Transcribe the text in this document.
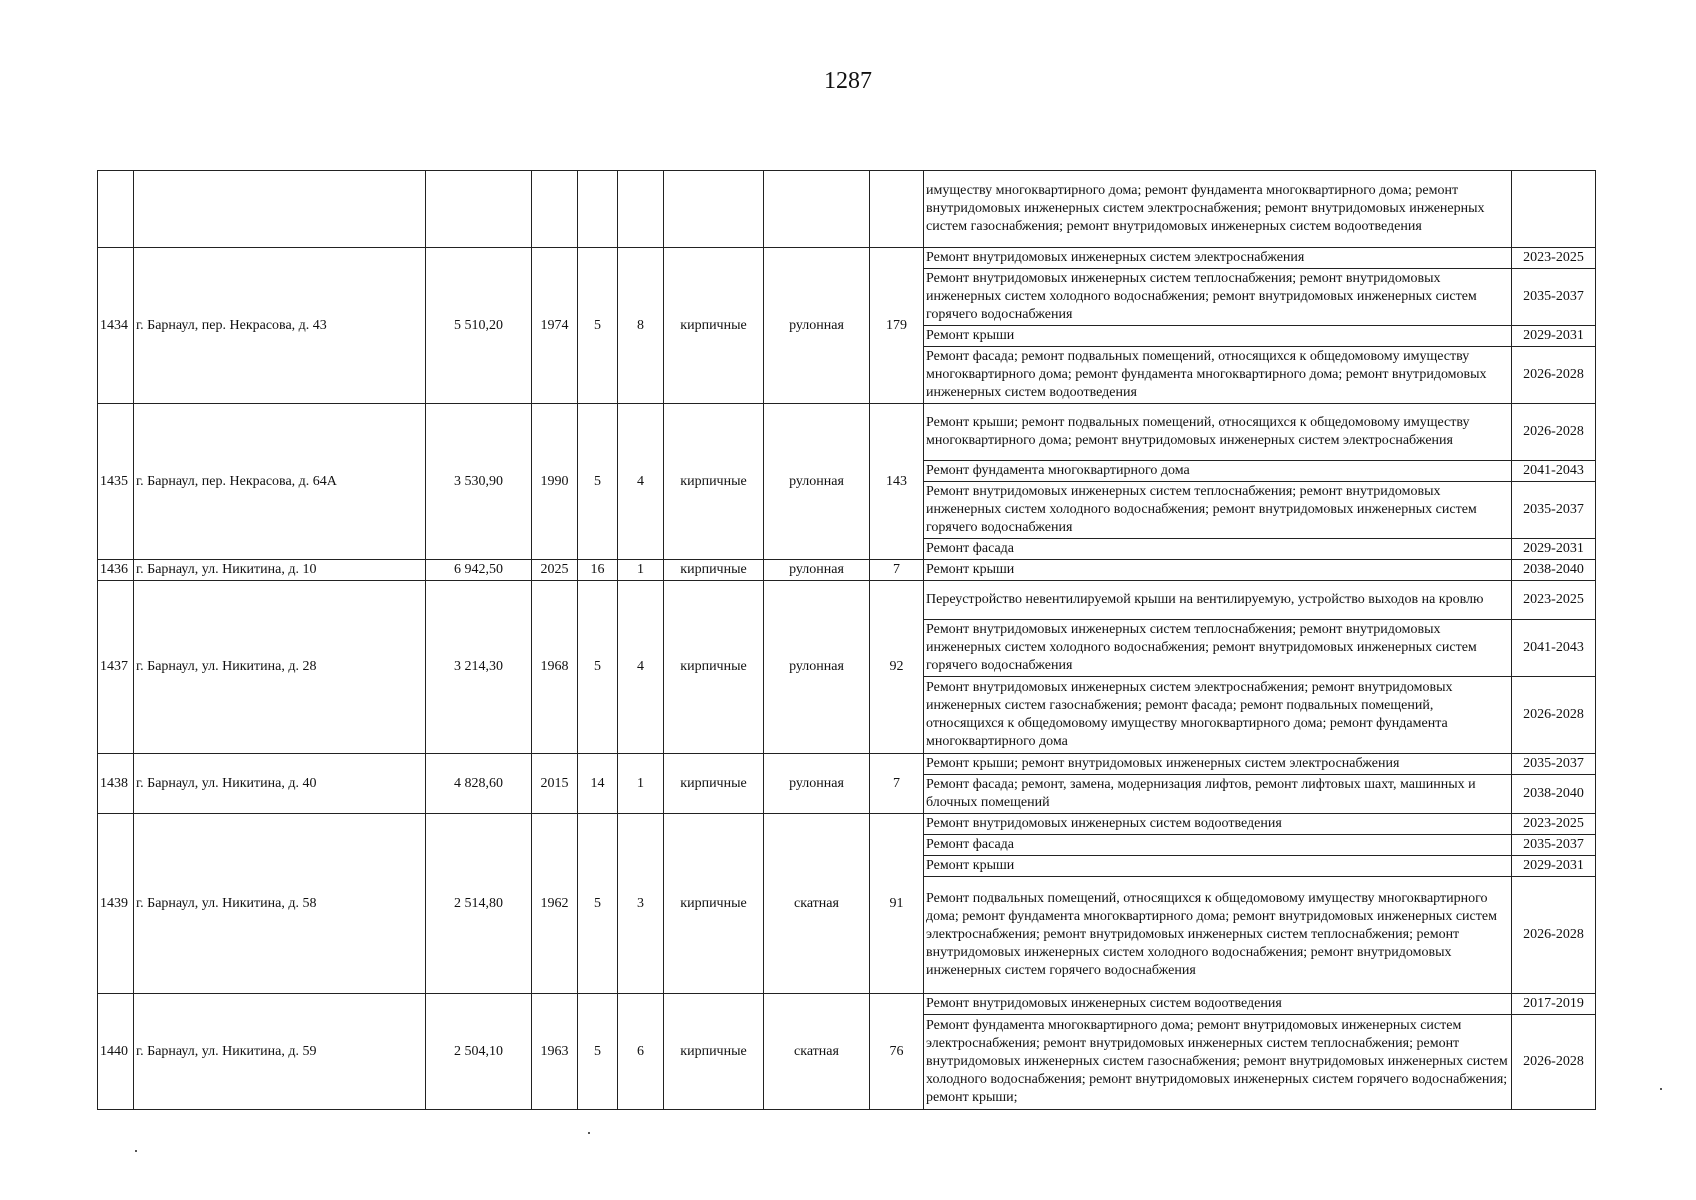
1287
									имуществу многоквартирного дома; ремонт фундамента многоквартирного дома; ремонт внутридомовых инженерных систем электроснабжения; ремонт внутридомовых инженерных систем газоснабжения; ремонт внутридомовых инженерных систем водоотведения	
1434	г. Барнаул, пер. Некрасова, д. 43	5 510,20	1974	5	8	кирпичные	рулонная	179	Ремонт внутридомовых инженерных систем электроснабжения	2023-2025
									Ремонт внутридомовых инженерных систем теплоснабжения; ремонт внутридомовых инженерных систем холодного водоснабжения; ремонт внутридомовых инженерных систем горячего водоснабжения	2035-2037
									Ремонт крыши	2029-2031
									Ремонт фасада; ремонт подвальных помещений, относящихся к общедомовому имуществу многоквартирного дома; ремонт фундамента многоквартирного дома; ремонт внутридомовых инженерных систем водоотведения	2026-2028
1435	г. Барнаул, пер. Некрасова, д. 64А	3 530,90	1990	5	4	кирпичные	рулонная	143	Ремонт крыши; ремонт подвальных помещений, относящихся к общедомовому имуществу многоквартирного дома; ремонт внутридомовых инженерных систем электроснабжения	2026-2028
									Ремонт фундамента многоквартирного дома	2041-2043
									Ремонт внутридомовых инженерных систем теплоснабжения; ремонт внутридомовых инженерных систем холодного водоснабжения; ремонт внутридомовых инженерных систем горячего водоснабжения	2035-2037
									Ремонт фасада	2029-2031
1436	г. Барнаул, ул. Никитина, д. 10	6 942,50	2025	16	1	кирпичные	рулонная	7	Ремонт крыши	2038-2040
1437	г. Барнаул, ул. Никитина, д. 28	3 214,30	1968	5	4	кирпичные	рулонная	92	Переустройство невентилируемой крыши на вентилируемую, устройство выходов на кровлю	2023-2025
									Ремонт внутридомовых инженерных систем теплоснабжения; ремонт внутридомовых инженерных систем холодного водоснабжения; ремонт внутридомовых инженерных систем горячего водоснабжения	2041-2043
									Ремонт внутридомовых инженерных систем электроснабжения; ремонт внутридомовых инженерных систем газоснабжения; ремонт фасада; ремонт подвальных помещений, относящихся к общедомовому имуществу многоквартирного дома; ремонт фундамента многоквартирного дома	2026-2028
1438	г. Барнаул, ул. Никитина, д. 40	4 828,60	2015	14	1	кирпичные	рулонная	7	Ремонт крыши; ремонт внутридомовых инженерных систем электроснабжения	2035-2037
									Ремонт фасада; ремонт, замена, модернизация лифтов, ремонт лифтовых шахт, машинных и блочных помещений	2038-2040
1439	г. Барнаул, ул. Никитина, д. 58	2 514,80	1962	5	3	кирпичные	скатная	91	Ремонт внутридомовых инженерных систем водоотведения	2023-2025
									Ремонт фасада	2035-2037
									Ремонт крыши	2029-2031
									Ремонт подвальных помещений, относящихся к общедомовому имуществу многоквартирного дома; ремонт фундамента многоквартирного дома; ремонт внутридомовых инженерных систем электроснабжения; ремонт внутридомовых инженерных систем теплоснабжения; ремонт внутридомовых инженерных систем холодного водоснабжения; ремонт внутридомовых инженерных систем горячего водоснабжения	2026-2028
1440	г. Барнаул, ул. Никитина, д. 59	2 504,10	1963	5	6	кирпичные	скатная	76	Ремонт внутридомовых инженерных систем водоотведения	2017-2019
									Ремонт фундамента многоквартирного дома; ремонт внутридомовых инженерных систем электроснабжения; ремонт внутридомовых инженерных систем теплоснабжения; ремонт внутридомовых инженерных систем газоснабжения; ремонт внутридомовых инженерных систем холодного водоснабжения; ремонт внутридомовых инженерных систем горячего водоснабжения; ремонт крыши;	2026-2028
